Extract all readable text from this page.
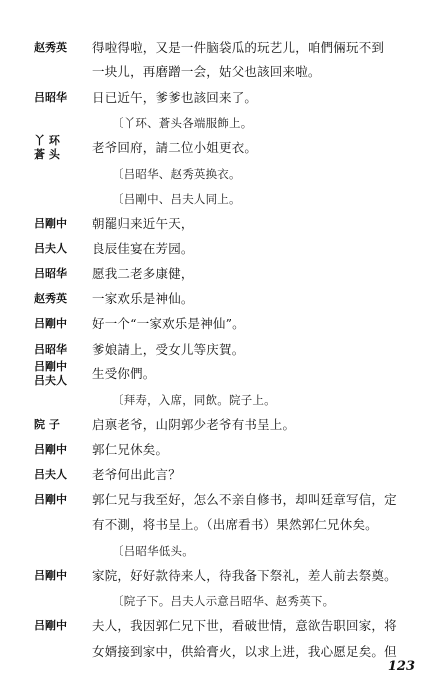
赵秀英	得啦得啦，又是一件脑袋瓜的玩艺儿，咱們倆玩不到
一块儿，再磨蹭一会，姑父也該回来啦。
吕昭华	日已近午，爹爹也該回来了。
〔丫环、蒼头各端服飾上。
丫 环
蒼 头	老爷回府，請二位小姐更衣。
〔吕昭华、赵秀英换衣。
〔吕剛中、吕夫人同上。
吕剛中	朝罷归来近午天，
吕夫人	良辰佳宴在芳园。
吕昭华	愿我二老多康健，
赵秀英	一家欢乐是神仙。
吕剛中	好一个“一家欢乐是神仙”。
吕昭华	爹娘請上，受女儿等庆賀。
吕剛中
吕夫人	生受你們。
〔拜寿，入席，同飲。院子上。
院 子	启禀老爷，山阴郭少老爷有书呈上。
吕剛中	郭仁兄休矣。
吕夫人	老爷何出此言？
吕剛中	郭仁兄与我至好，怎么不亲自修书，却叫廷章写信，定
有不測，将书呈上。（出席看书）果然郭仁兄休矣。
〔吕昭华低头。
吕剛中	家院，好好款待来人，待我备下祭礼，差人前去祭奠。
〔院子下。吕夫人示意吕昭华、赵秀英下。
吕剛中	夫人，我因郭仁兄下世，看破世情，意欲告职回家，将
女婿接到家中，供給膏火，以求上进，我心愿足矣。但
123
